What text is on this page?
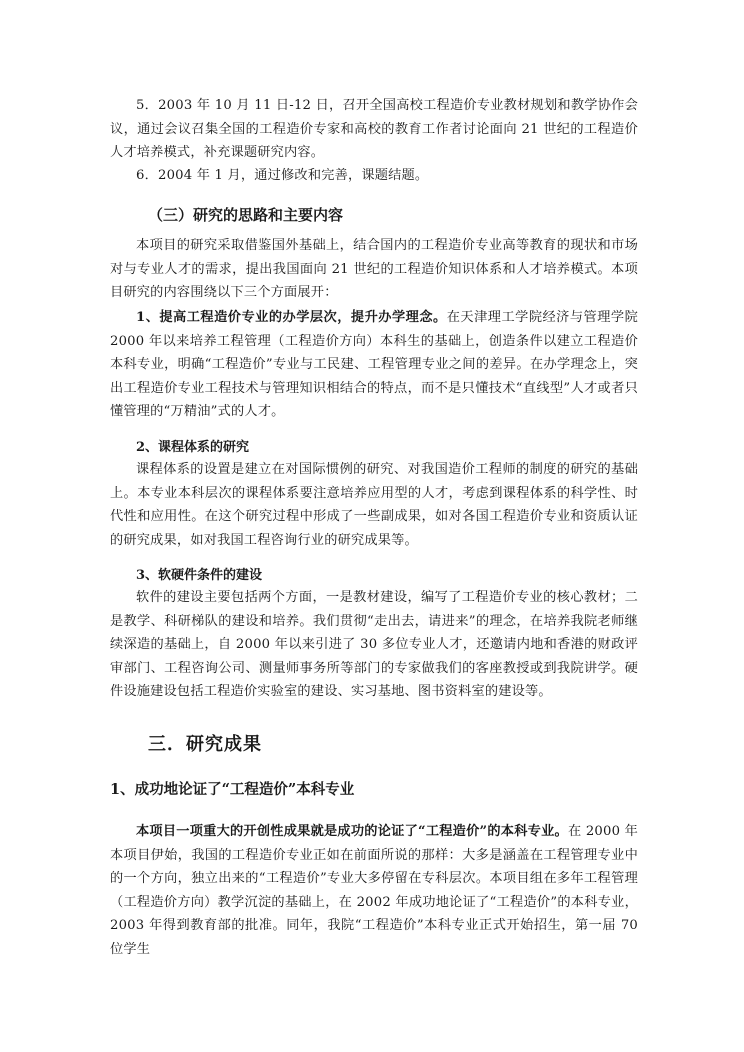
5．2003 年 10 月 11 日-12 日，召开全国高校工程造价专业教材规划和教学协作会议，通过会议召集全国的工程造价专家和高校的教育工作者讨论面向 21 世纪的工程造价人才培养模式，补充课题研究内容。

6．2004 年 1 月，通过修改和完善，课题结题。

（三）研究的思路和主要内容

本项目的研究采取借鉴国外基础上，结合国内的工程造价专业高等教育的现状和市场对与专业人才的需求，提出我国面向 21 世纪的工程造价知识体系和人才培养模式。本项目研究的内容围绕以下三个方面展开：

1、提高工程造价专业的办学层次，提升办学理念。在天津理工学院经济与管理学院 2000 年以来培养工程管理（工程造价方向）本科生的基础上，创造条件以建立工程造价本科专业，明确“工程造价”专业与工民建、工程管理专业之间的差异。在办学理念上，突出工程造价专业工程技术与管理知识相结合的特点，而不是只懂技术“直线型”人才或者只懂管理的“万精油”式的人才。

2、课程体系的研究

课程体系的设置是建立在对国际惯例的研究、对我国造价工程师的制度的研究的基础上。本专业本科层次的课程体系要注意培养应用型的人才，考虑到课程体系的科学性、时代性和应用性。在这个研究过程中形成了一些副成果，如对各国工程造价专业和资质认证的研究成果，如对我国工程咨询行业的研究成果等。

3、软硬件条件的建设

软件的建设主要包括两个方面，一是教材建设，编写了工程造价专业的核心教材；二是教学、科研梯队的建设和培养。我们贯彻“走出去，请进来”的理念，在培养我院老师继续深造的基础上，自 2000 年以来引进了 30 多位专业人才，还邀请内地和香港的财政评审部门、工程咨询公司、测量师事务所等部门的专家做我们的客座教授或到我院讲学。硬件设施建设包括工程造价实验室的建设、实习基地、图书资料室的建设等。

三．研究成果
1、成功地论证了“工程造价”本科专业

本项目一项重大的开创性成果就是成功的论证了“工程造价”的本科专业。在 2000 年本项目伊始，我国的工程造价专业正如在前面所说的那样：大多是涵盖在工程管理专业中的一个方向，独立出来的“工程造价”专业大多停留在专科层次。本项目组在多年工程管理（工程造价方向）教学沉淀的基础上，在 2002 年成功地论证了“工程造价”的本科专业，2003 年得到教育部的批准。同年，我院“工程造价”本科专业正式开始招生，第一届 70 位学生
